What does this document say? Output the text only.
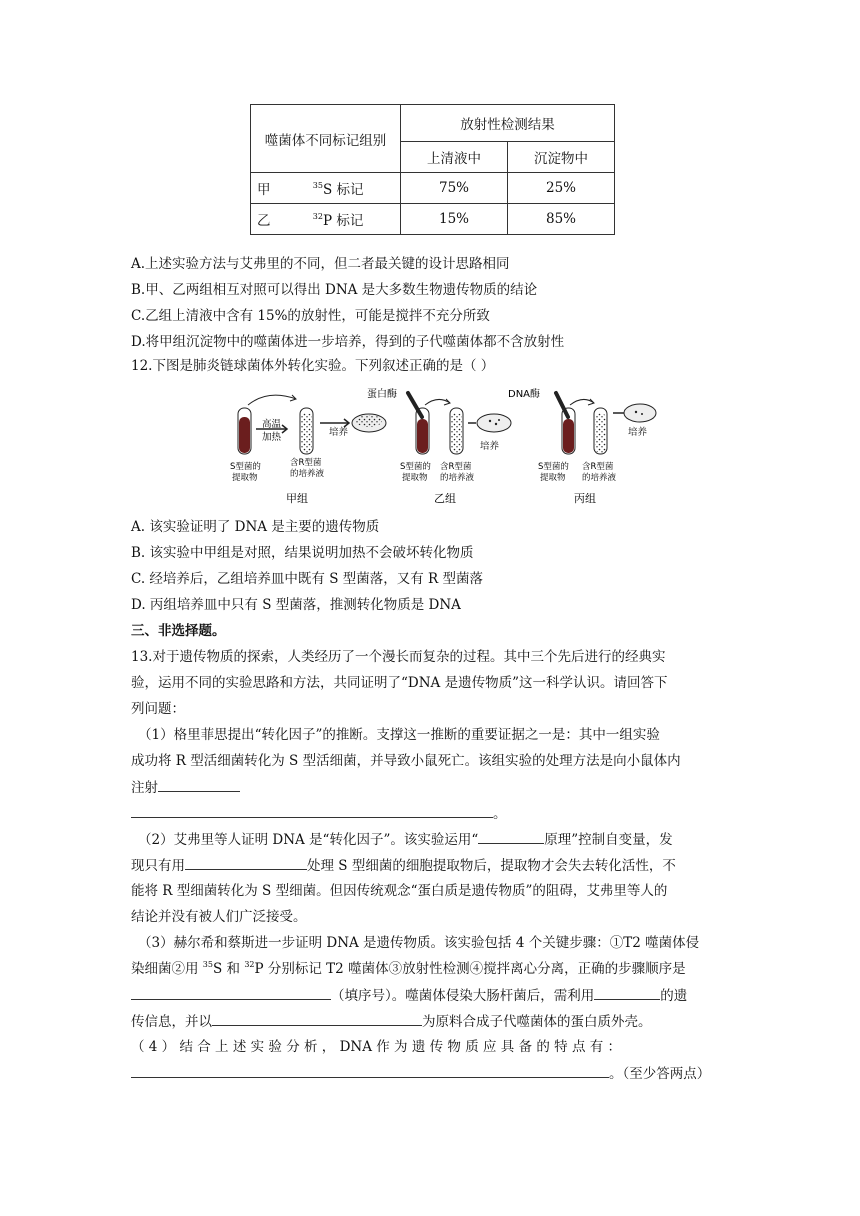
噬菌体不同标记组别	放射性检测结果	
	上清液中	沉淀物中
甲 $^{35}$S 标记	75%	25%
乙 $^{32}$P 标记	15%	85%
A.上述实验方法与艾弗里的不同，但二者最关键的设计思路相同
B.甲、乙两组相互对照可以得出 DNA 是大多数生物遗传物质的结论
C.乙组上清液中含有 15%的放射性，可能是搅拌不充分所致
D.将甲组沉淀物中的噬菌体进一步培养，得到的子代噬菌体都不含放射性
12.下图是肺炎链球菌体外转化实验。下列叙述正确的是（ ）
高温
加热	培养
S型菌的
提取物
含R型菌
的培养液
甲组
蛋白酶
培养
S型菌的
提取物
含R型菌
的培养液
乙组
DNA酶
培养
S型菌的
提取物
含R型菌
的培养液
丙组
A. 该实验证明了 DNA 是主要的遗传物质
B. 该实验中甲组是对照，结果说明加热不会破坏转化物质
C. 经培养后，乙组培养皿中既有 S 型菌落，又有 R 型菌落
D. 丙组培养皿中只有 S 型菌落，推测转化物质是 DNA
三、非选择题。
13.对于遗传物质的探索，人类经历了一个漫长而复杂的过程。其中三个先后进行的经典实
验，运用不同的实验思路和方法，共同证明了“DNA 是遗传物质”这一科学认识。请回答下
列问题：
（1）格里菲思提出“转化因子”的推断。支撑这一推断的重要证据之一是：其中一组实验
成功将 R 型活细菌转化为 S 型活细菌，并导致小鼠死亡。该组实验的处理方法是向小鼠体内
注射
。
（2）艾弗里等人证明 DNA 是“转化因子”。该实验运用“	原理”控制自变量，发
现只有用	处理 S 型细菌的细胞提取物后，提取物才会失去转化活性，不
能将 R 型细菌转化为 S 型细菌。但因传统观念“蛋白质是遗传物质”的阻碍，艾弗里等人的
结论并没有被人们广泛接受。
（3）赫尔希和蔡斯进一步证明 DNA 是遗传物质。该实验包括 4 个关键步骤：①T2 噬菌体侵
染细菌②用 $^{35}$S 和 $^{32}$P 分别标记 T2 噬菌体③放射性检测④搅拌离心分离，正确的步骤顺序是
（填序号）。噬菌体侵染大肠杆菌后，需利用	的遗
传信息，并以	为原料合成子代噬菌体的蛋白质外壳。
（ 4 ） 结 合 上 述 实 验 分 析 ， DNA 作 为 遗 传 物 质 应 具 备 的 特 点 有 ：
。（至少答两点）
